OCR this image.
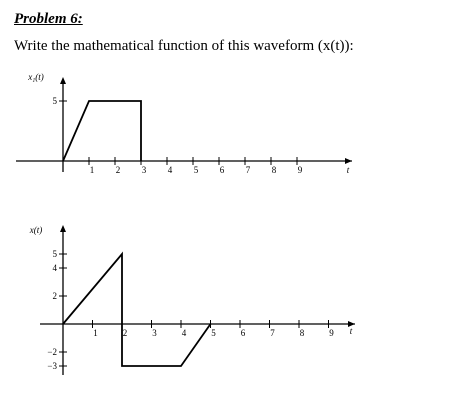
Problem 6:

Write the mathematical function of this waveform (x(t)):

x₁(t)
t
1 2 3 4 5 6 7 8 9
5
x(t)
t
1	2	3	4	5	6	7	8	9
5
4
2
−2
−3
